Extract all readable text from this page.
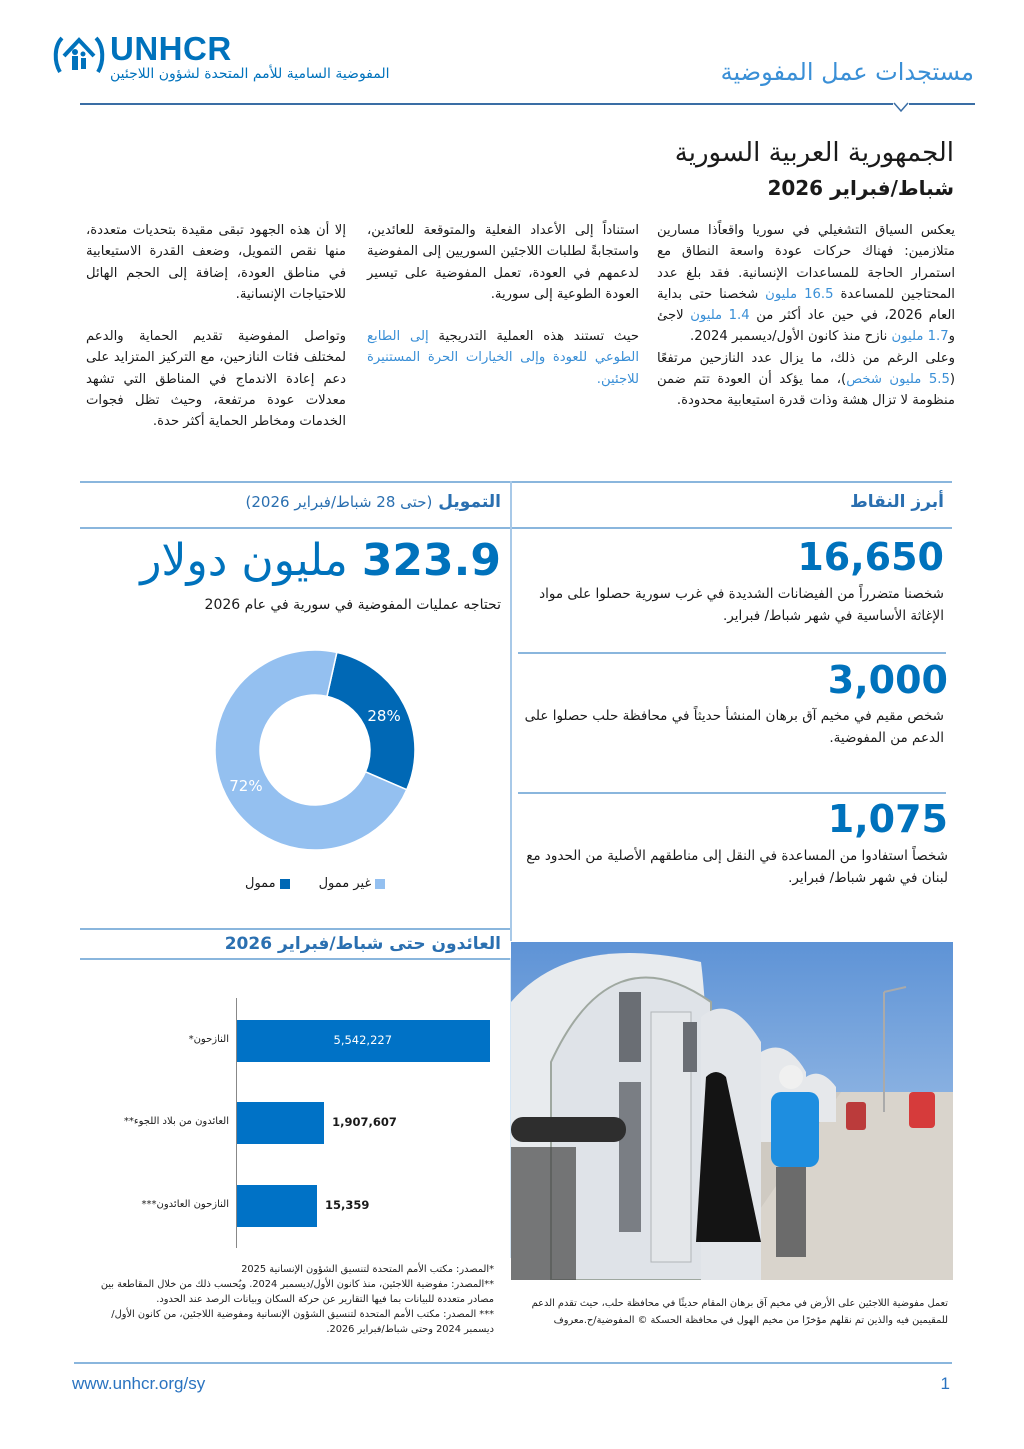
UNHCR
المفوضية السامية للأمم المتحدة لشؤون اللاجئين	مستجدات عمل المفوضية
الجمهورية العربية السورية
شباط/فبراير 2026

يعكس السياق التشغيلي في سوريا واقعاًذا مسارين متلازمين: فهناك حركات عودة واسعة النطاق مع استمرار الحاجة للمساعدات الإنسانية. فقد بلغ عدد المحتاجين للمساعدة 16.5 مليون شخصنا حتى بداية العام 2026، في حين عاد أكثر من 1.4 مليون لاجئ و1.7 مليون نازح منذ كانون الأول/ديسمبر 2024.

وعلى الرغم من ذلك، ما يزال عدد النازحين مرتفعًا (5.5 مليون شخص)، مما يؤكد أن العودة تتم ضمن منظومة لا تزال هشة وذات قدرة استيعابية محدودة.

استناداً إلى الأعداد الفعلية والمتوقعة للعائدين، واستجابةً لطلبات اللاجئين السوريين إلى المفوضية لدعمهم في العودة، تعمل المفوضية على تيسير العودة الطوعية إلى سورية.

حيث تستند هذه العملية التدريجية إلى الطابع الطوعي للعودة وإلى الخيارات الحرة المستنيرة للاجئين.

إلا أن هذه الجهود تبقى مقيدة بتحديات متعددة، منها نقص التمويل، وضعف القدرة الاستيعابية في مناطق العودة، إضافة إلى الحجم الهائل للاحتياجات الإنسانية.

وتواصل المفوضية تقديم الحماية والدعم لمختلف فئات النازحين، مع التركيز المتزايد على دعم إعادة الاندماج في المناطق التي تشهد معدلات عودة مرتفعة، وحيث تظل فجوات الخدمات ومخاطر الحماية أكثر حدة.

أبرز النقاط
16,650
شخصنا متضرراً من الفيضانات الشديدة في غرب سورية حصلوا على مواد الإغاثة الأساسية في شهر شباط/ فبراير.
3,000
شخص مقيم في مخيم آق برهان المنشأ حديثاً في محافظة حلب حصلوا على الدعم من المفوضية.
1,075
شخصاً استفادوا من المساعدة في النقل إلى مناطقهم الأصلية من الحدود مع لبنان في شهر شباط/ فبراير.
التمويل (حتى 28 شباط/فبراير 2026)
323.9 مليون دولار
تحتاجه عمليات المفوضية في سورية في عام 2026
28%
72%
غير ممول       ممول
العائدون حتى شباط/فبراير 2026
النازحون*	5,542,227
العائدون من بلاد اللجوء**	1,907,607
النازحون العائدون***	15,359
*المصدر: مكتب الأمم المتحدة لتنسيق الشؤون الإنسانية 2025
**المصدر: مفوضية اللاجئين، منذ كانون الأول/ديسمبر 2024. ويُحسب ذلك من خلال المقاطعة بين مصادر متعددة للبيانات بما فيها التقارير عن حركة السكان وبيانات الرصد عند الحدود.
*** المصدر: مكتب الأمم المتحدة لتنسيق الشؤون الإنسانية ومفوضية اللاجئين، من كانون الأول/ديسمبر 2024 وحتى شباط/فبراير 2026.
تعمل مفوضية اللاجئين على الأرض في مخيم آق برهان المقام حديثًا في محافظة حلب، حيث تقدم الدعم للمقيمين فيه والذين تم نقلهم مؤخرًا من مخيم الهول في محافظة الحسكة © المفوضية/ح.معروف
www.unhcr.org/sy	1
